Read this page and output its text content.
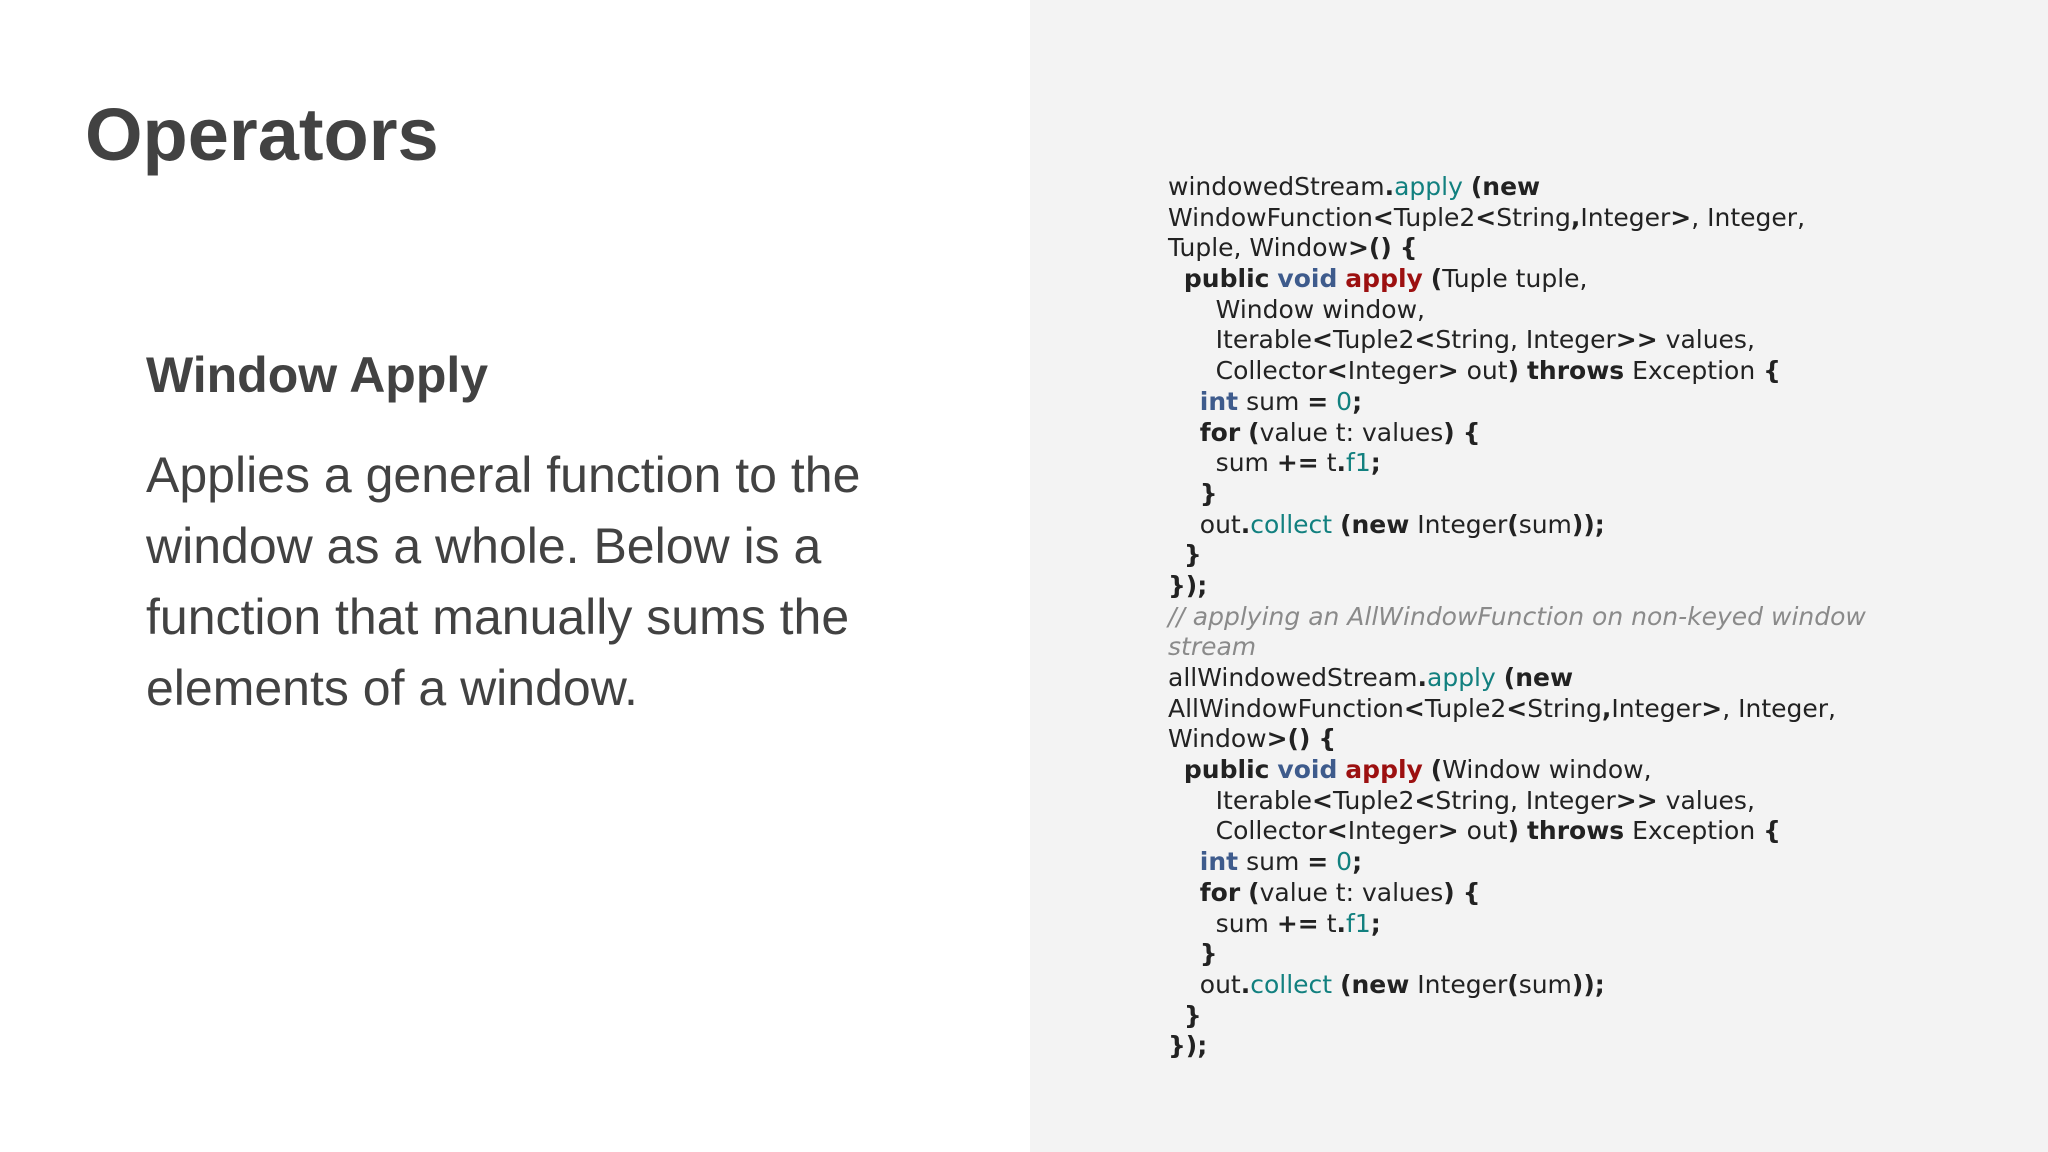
Operators
Window Apply

Applies a general function to the window as a whole. Below is a function that manually sums the elements of a window.

windowedStream.apply (new
WindowFunction<Tuple2<String,Integer>, Integer,
Tuple, Window>() {
public void apply (Tuple tuple,
Window window,
Iterable<Tuple2<String, Integer>> values,
Collector<Integer> out) throws Exception {
int sum = 0;
for (value t: values) {
sum += t.f1;
}
out.collect (new Integer(sum));
}
});
// applying an AllWindowFunction on non-keyed window
stream
allWindowedStream.apply (new
AllWindowFunction<Tuple2<String,Integer>, Integer,
Window>() {
public void apply (Window window,
Iterable<Tuple2<String, Integer>> values,
Collector<Integer> out) throws Exception {
int sum = 0;
for (value t: values) {
sum += t.f1;
}
out.collect (new Integer(sum));
}
});
